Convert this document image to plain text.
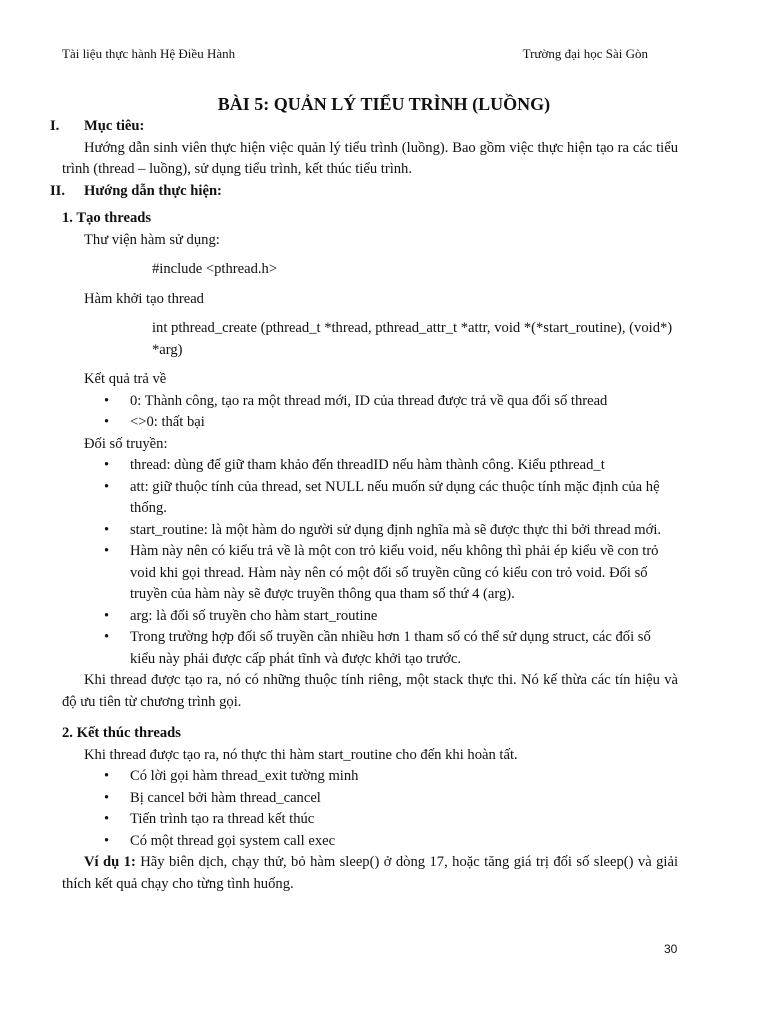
Tài liệu thực hành Hệ Điều Hành	Trường đại học Sài Gòn
BÀI 5: QUẢN LÝ TIỂU TRÌNH (LUỒNG)
I. Mục tiêu:

Hướng dẫn sinh viên thực hiện việc quản lý tiểu trình (luồng). Bao gồm việc thực hiện tạo ra các tiểu trình (thread – luồng), sử dụng tiểu trình, kết thúc tiểu trình.

II. Hướng dẫn thực hiện:
1. Tạo threads
Thư viện hàm sử dụng:
#include <pthread.h>
Hàm khởi tạo thread
int pthread_create (pthread_t *thread, pthread_attr_t *attr, void *(*start_routine), (void*) *arg)
Kết quả trả về
• 0: Thành công, tạo ra một thread mới, ID của thread được trả về qua đối số thread
• <>0: thất bại
Đối số truyền:
• thread: dùng để giữ tham khảo đến threadID nếu hàm thành công. Kiểu pthread_t
• att: giữ thuộc tính của thread, set NULL nếu muốn sử dụng các thuộc tính mặc định của hệ thống.
• start_routine: là một hàm do người sử dụng định nghĩa mà sẽ được thực thi bởi thread mới.
• Hàm này nên có kiểu trả về là một con trỏ kiểu void, nếu không thì phải ép kiểu về con trỏ void khi gọi thread. Hàm này nên có một đối số truyền cũng có kiểu con trỏ void. Đối số truyền của hàm này sẽ được truyền thông qua tham số thứ 4 (arg).
• arg: là đối số truyền cho hàm start_routine
• Trong trường hợp đối số truyền cần nhiều hơn 1 tham số có thể sử dụng struct, các đối số kiểu này phải được cấp phát tĩnh và được khởi tạo trước.

Khi thread được tạo ra, nó có những thuộc tính riêng, một stack thực thi. Nó kế thừa các tín hiệu và độ ưu tiên từ chương trình gọi.

2. Kết thúc threads
Khi thread được tạo ra, nó thực thi hàm start_routine cho đến khi hoàn tất.
• Có lời gọi hàm thread_exit tường minh
• Bị cancel bởi hàm thread_cancel
• Tiến trình tạo ra thread kết thúc
• Có một thread gọi system call exec

Ví dụ 1: Hãy biên dịch, chạy thử, bỏ hàm sleep() ở dòng 17, hoặc tăng giá trị đối số sleep() và giải thích kết quả chạy cho từng tình huống.

30
